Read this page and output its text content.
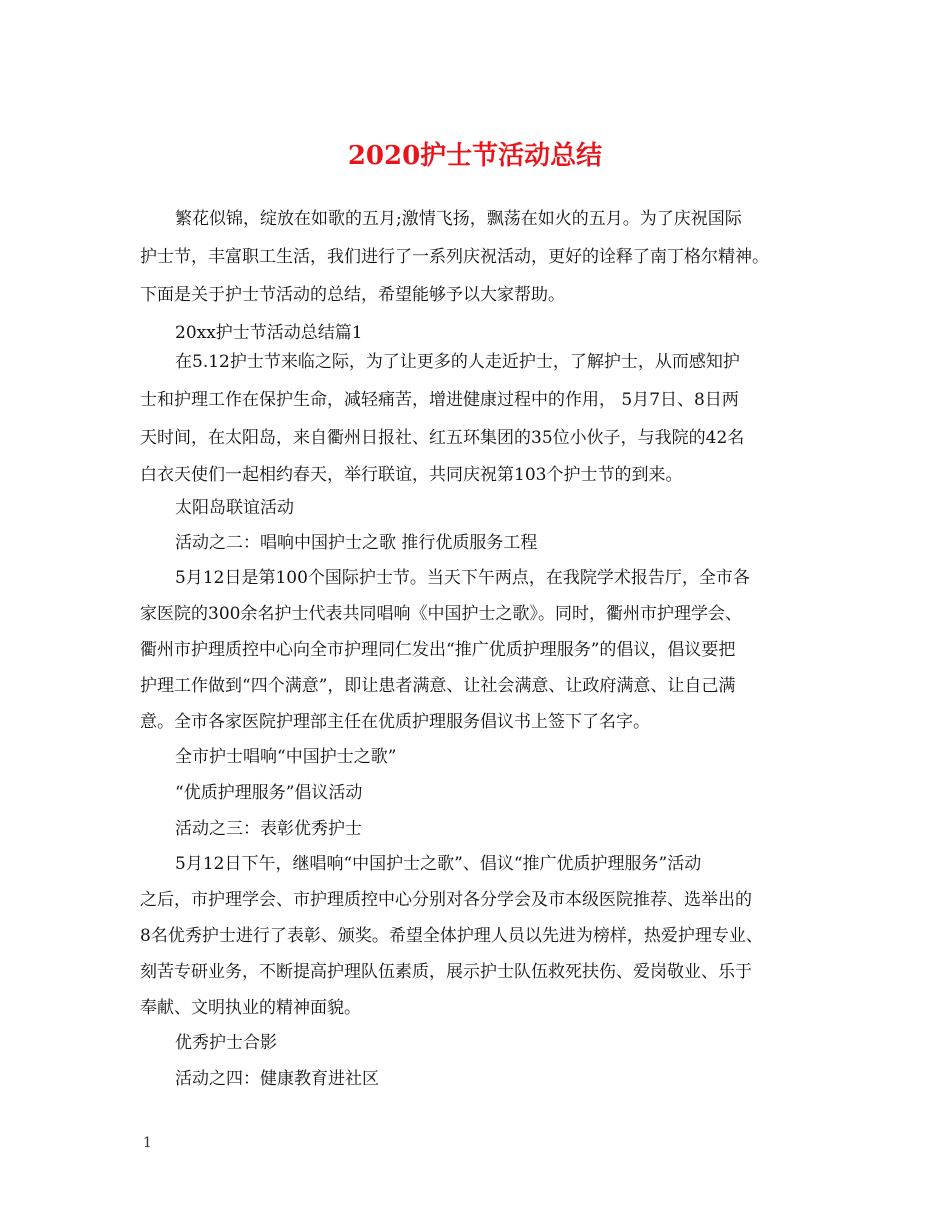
2020护士节活动总结
繁花似锦，绽放在如歌的五月;激情飞扬，飘荡在如火的五月。为了庆祝国际
护士节，丰富职工生活，我们进行了一系列庆祝活动，更好的诠释了南丁格尔精神。
下面是关于护士节活动的总结，希望能够予以大家帮助。
20xx护士节活动总结篇1
在5.12护士节来临之际，为了让更多的人走近护士，了解护士，从而感知护
士和护理工作在保护生命，减轻痛苦，增进健康过程中的作用， 5月7日、8日两
天时间，在太阳岛，来自衢州日报社、红五环集团的35位小伙子，与我院的42名
白衣天使们一起相约春天，举行联谊，共同庆祝第103个护士节的到来。
太阳岛联谊活动
活动之二：唱响中国护士之歌 推行优质服务工程
5月12日是第100个国际护士节。当天下午两点，在我院学术报告厅，全市各
家医院的300余名护士代表共同唱响《中国护士之歌》。同时，衢州市护理学会、
衢州市护理质控中心向全市护理同仁发出“推广优质护理服务”的倡议，倡议要把
护理工作做到“四个满意”，即让患者满意、让社会满意、让政府满意、让自己满
意。全市各家医院护理部主任在优质护理服务倡议书上签下了名字。
全市护士唱响“中国护士之歌”
“优质护理服务”倡议活动
活动之三：表彰优秀护士
5月12日下午，继唱响“中国护士之歌”、倡议“推广优质护理服务”活动
之后，市护理学会、市护理质控中心分别对各分学会及市本级医院推荐、选举出的
8名优秀护士进行了表彰、颁奖。希望全体护理人员以先进为榜样，热爱护理专业、
刻苦专研业务，不断提高护理队伍素质，展示护士队伍救死扶伤、爱岗敬业、乐于
奉献、文明执业的精神面貌。
优秀护士合影
活动之四：健康教育进社区
1
